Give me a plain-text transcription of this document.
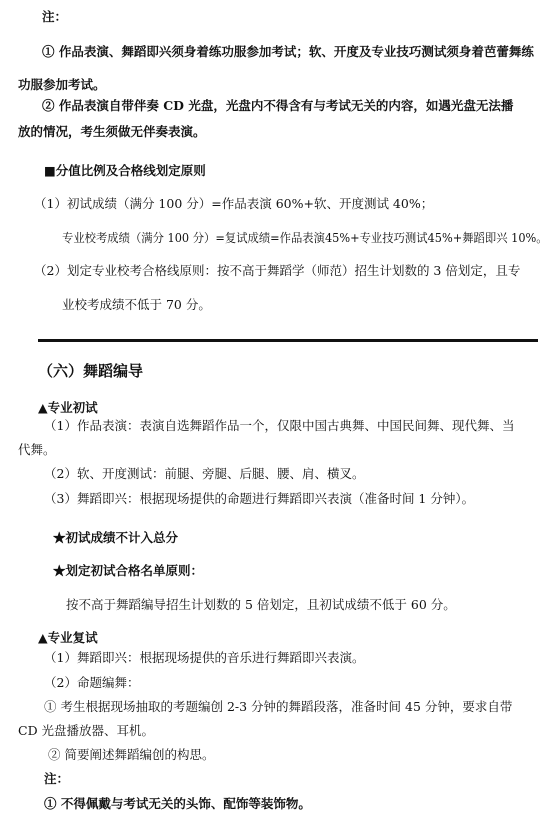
注：
① 作品表演、舞蹈即兴须身着练功服参加考试；软、开度及专业技巧测试须身着芭蕾舞练
功服参加考试。
② 作品表演自带伴奏 CD 光盘，光盘内不得含有与考试无关的内容，如遇光盘无法播
放的情况，考生须做无伴奏表演。
■分值比例及合格线划定原则
（1）初试成绩（满分 100 分）=作品表演 60%+软、开度测试 40%；
专业校考成绩（满分 100 分）=复试成绩=作品表演45%+专业技巧测试45%+舞蹈即兴 10%。
（2）划定专业校考合格线原则：按不高于舞蹈学（师范）招生计划数的 3 倍划定，且专
业校考成绩不低于 70 分。
（六）舞蹈编导
▲专业初试
（1）作品表演：表演自选舞蹈作品一个，仅限中国古典舞、中国民间舞、现代舞、当
代舞。
（2）软、开度测试：前腿、旁腿、后腿、腰、肩、横叉。
（3）舞蹈即兴：根据现场提供的命题进行舞蹈即兴表演（准备时间 1 分钟）。
★初试成绩不计入总分
★划定初试合格名单原则：
按不高于舞蹈编导招生计划数的 5 倍划定，且初试成绩不低于 60 分。
▲专业复试
（1）舞蹈即兴：根据现场提供的音乐进行舞蹈即兴表演。
（2）命题编舞：
① 考生根据现场抽取的考题编创 2-3 分钟的舞蹈段落，准备时间 45 分钟，要求自带
CD 光盘播放器、耳机。
② 简要阐述舞蹈编创的构思。
注：
① 不得佩戴与考试无关的头饰、配饰等装饰物。
